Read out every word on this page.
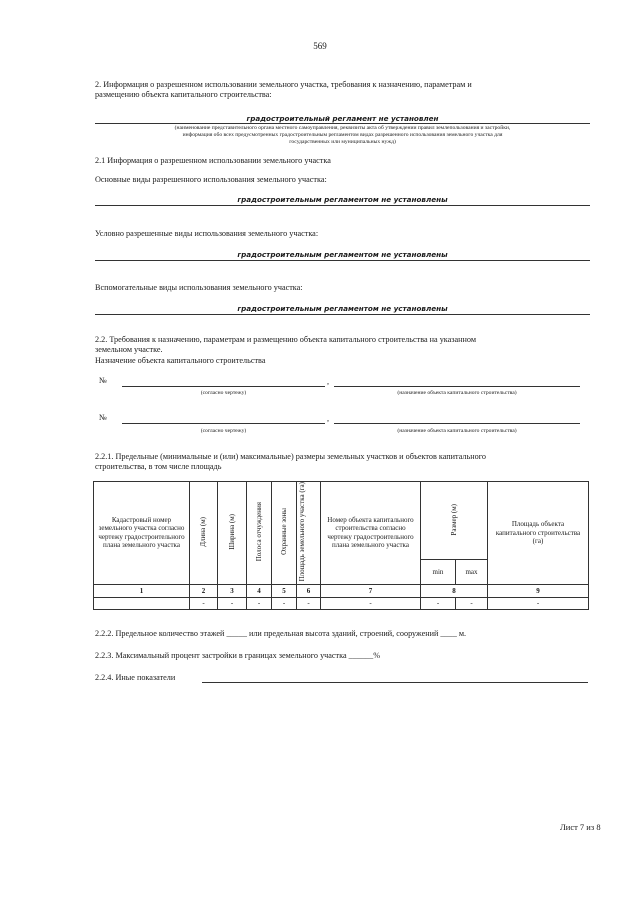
569
2. Информация о разрешенном использовании земельного участка, требования к назначению, параметрам и
размещению объекта капитального строительства:
градостроительный регламент не установлен
(наименование представительного органа местного самоуправления, реквизиты акта об утверждении правил землепользования и застройки,
информация обо всех предусмотренных градостроительным регламентом видах разрешенного использования земельного участка для
государственных или муниципальных нужд)
2.1 Информация о разрешенном использовании земельного участка
Основные виды разрешенного использования земельного участка:
градостроительным регламентом не установлены
Условно разрешенные виды использования земельного участка:
градостроительным регламентом не установлены
Вспомогательные виды использования земельного участка:
градостроительным регламентом не установлены
2.2. Требования к назначению, параметрам и размещению объекта капитального строительства на указанном
земельном участке.
Назначение объекта капитального строительства
№	,
(согласно чертежу)	(назначение объекта капитального строительства)
№	,
(согласно чертежу)	(назначение объекта капитального строительства)
2.2.1. Предельные (минимальные и (или) максимальные) размеры земельных участков и объектов капитального
строительства, в том числе площадь
Кадастровый номер земельного участка согласно чертежу градостроительного плана земельного участка	Длина (м)	Ширина (м)	Полоса отчуждения	Охранные зоны	Площадь земельного участка (га)	Номер объекта капитального строительства согласно чертежу градостроительного плана земельного участка	Размер (м)		Площадь объекта капитального строительства (га)
							min	max	
1	2	3	4	5	6	7	8		9
	-	-	-	-	-	-	-	-	-
2.2.2. Предельное количество этажей _____ или предельная высота зданий, строений, сооружений ____ м.
2.2.3. Максимальный процент застройки в границах земельного участка ______%
2.2.4. Иные показатели
Лист 7 из 8
